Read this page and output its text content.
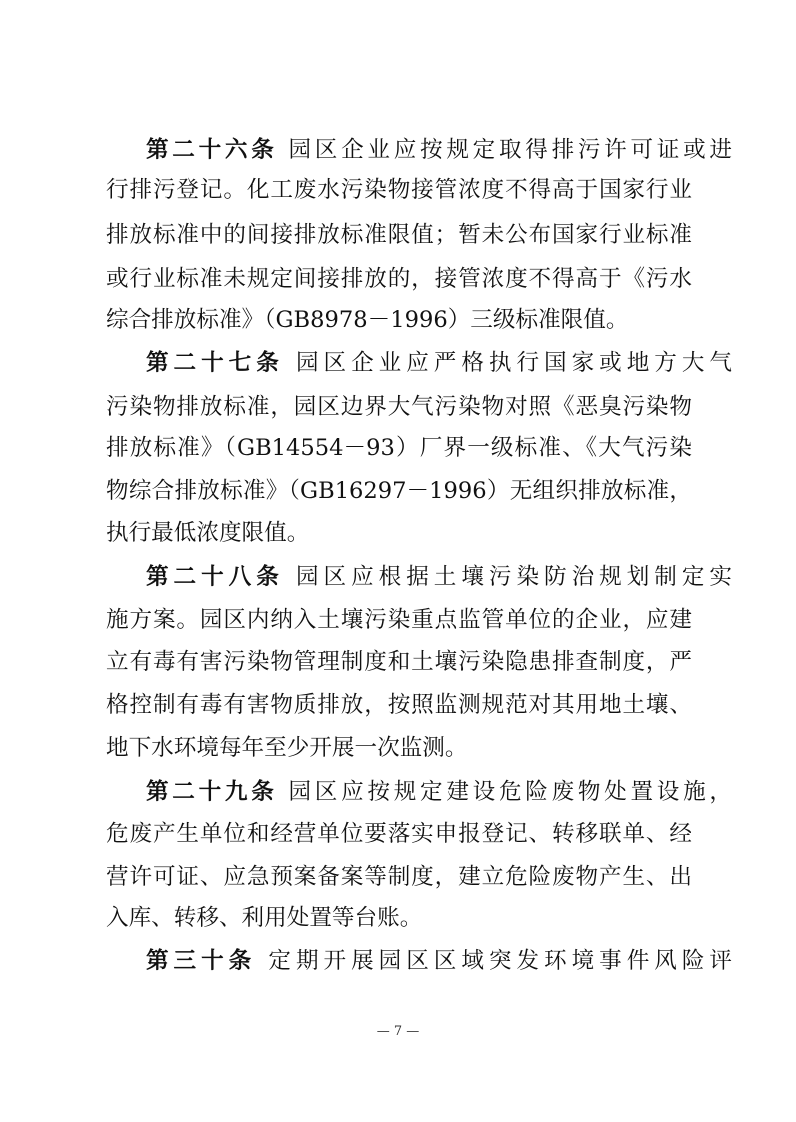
第二十六条 园区企业应按规定取得排污许可证或进
行排污登记。化工废水污染物接管浓度不得高于国家行业
排放标准中的间接排放标准限值；暂未公布国家行业标准
或行业标准未规定间接排放的，接管浓度不得高于《污水
综合排放标准》（GB8978－1996）三级标准限值。
第二十七条 园区企业应严格执行国家或地方大气
污染物排放标准，园区边界大气污染物对照《恶臭污染物
排放标准》（GB14554－93）厂界一级标准、《大气污染
物综合排放标准》（GB16297－1996）无组织排放标准，
执行最低浓度限值。
第二十八条 园区应根据土壤污染防治规划制定实
施方案。园区内纳入土壤污染重点监管单位的企业，应建
立有毒有害污染物管理制度和土壤污染隐患排查制度，严
格控制有毒有害物质排放，按照监测规范对其用地土壤、
地下水环境每年至少开展一次监测。
第二十九条 园区应按规定建设危险废物处置设施，
危废产生单位和经营单位要落实申报登记、转移联单、经
营许可证、应急预案备案等制度，建立危险废物产生、出
入库、转移、利用处置等台账。
第三十条 定期开展园区区域突发环境事件风险评
— 7 —
